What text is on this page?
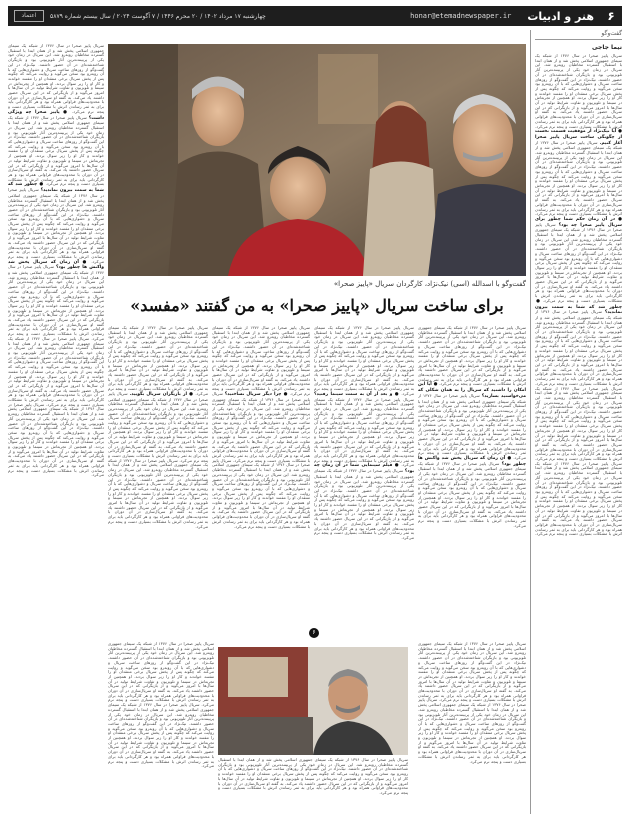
۶
هنر و ادبیات
honar@etemadnewspaper.ir
چهارشنبه ۱۷ مرداد ۱۴۰۲ / ۲۰ محرم ۱۴۴۶ / ۷ آگوست ۲۰۲۴ / سال بیستم شماره ۵۸۷۹
اعتماد
گفت‌وگو
نیما جاجی
سریال پاییز صحرا در سال ۱۳۷۶ از شبکه یک سیمای جمهوری اسلامی پخش شد و از همان ابتدا با استقبال گسترده مخاطبان روبه‌رو شد. این سریال در زمان خود یکی از پربیننده‌ترین آثار تلویزیونی بود و بازیگران شناخته‌شده‌ای در آن حضور داشتند. نیک‌نژاد در این گفت‌وگو از روزهای ساخت سریال و دشواری‌هایی که با آن روبه‌رو بود سخن می‌گوید و روایت می‌کند که چگونه پس از پخش سریال برخی منتقدان او را مفسد خواندند و کار او را زیر سوال بردند. او همچنین از تجربه‌اش در سینما و تلویزیون و تفاوت شرایط تولید در آن سال‌ها با امروز می‌گوید و از بازیگرانی که در این سریال حضور داشتند یاد می‌کند. به گفته او سریال‌سازی در آن دوران با محدودیت‌های فراوانی همراه بود و هر کارگردانی باید برای به ثمر رساندن اثرش با مشکلات بسیاری دست و پنجه نرم می‌کرد. ● آیا نیک‌نژاد از موفقیت قسمت نخست از چگونگی ساخت سریال پاییز صحرا آغاز کنیم. سریال پاییز صحرا در سال ۱۳۷۶ از شبکه یک سیمای جمهوری اسلامی پخش شد و از همان ابتدا با استقبال گسترده مخاطبان روبه‌رو شد. این سریال در زمان خود یکی از پربیننده‌ترین آثار تلویزیونی بود و بازیگران شناخته‌شده‌ای در آن حضور داشتند. نیک‌نژاد در این گفت‌وگو از روزهای ساخت سریال و دشواری‌هایی که با آن روبه‌رو بود سخن می‌گوید و روایت می‌کند که چگونه پس از پخش سریال برخی منتقدان او را مفسد خواندند و کار او را زیر سوال بردند. او همچنین از تجربه‌اش در سینما و تلویزیون و تفاوت شرایط تولید در آن سال‌ها با امروز می‌گوید و از بازیگرانی که در این سریال حضور داشتند یاد می‌کند. به گفته او سریال‌سازی در آن دوران با محدودیت‌های فراوانی همراه بود و هر کارگردانی باید برای به ثمر رساندن اثرش با مشکلات بسیاری دست و پنجه نرم می‌کرد. ● در آن زمان حکم شما چطور برای سریال پاییز صحرا چه بود؟ سریال پاییز صحرا در سال ۱۳۷۶ از شبکه یک سیمای جمهوری اسلامی پخش شد و از همان ابتدا با استقبال گسترده مخاطبان روبه‌رو شد. این سریال در زمان خود یکی از پربیننده‌ترین آثار تلویزیونی بود و بازیگران شناخته‌شده‌ای در آن حضور داشتند. نیک‌نژاد در این گفت‌وگو از روزهای ساخت سریال و دشواری‌هایی که با آن روبه‌رو بود سخن می‌گوید و روایت می‌کند که چگونه پس از پخش سریال برخی منتقدان او را مفسد خواندند و کار او را زیر سوال بردند. او همچنین از تجربه‌اش در سینما و تلویزیون و تفاوت شرایط تولید در آن سال‌ها با امروز می‌گوید و از بازیگرانی که در این سریال حضور داشتند یاد می‌کند. به گفته او سریال‌سازی در آن دوران با محدودیت‌های فراوانی همراه بود و هر کارگردانی باید برای به ثمر رساندن اثرش با مشکلات بسیاری دست و پنجه نرم می‌کرد. ● چطور شد که شما به سمت بیرون نماندید؟ سریال پاییز صحرا در سال ۱۳۷۶ از شبکه یک سیمای جمهوری اسلامی پخش شد و از همان ابتدا با استقبال گسترده مخاطبان روبه‌رو شد. این سریال در زمان خود یکی از پربیننده‌ترین آثار تلویزیونی بود و بازیگران شناخته‌شده‌ای در آن حضور داشتند. نیک‌نژاد در این گفت‌وگو از روزهای ساخت سریال و دشواری‌هایی که با آن روبه‌رو بود سخن می‌گوید و روایت می‌کند که چگونه پس از پخش سریال برخی منتقدان او را مفسد خواندند و کار او را زیر سوال بردند. او همچنین از تجربه‌اش در سینما و تلویزیون و تفاوت شرایط تولید در آن سال‌ها با امروز می‌گوید و از بازیگرانی که در این سریال حضور داشتند یاد می‌کند. به گفته او سریال‌سازی در آن دوران با محدودیت‌های فراوانی همراه بود و هر کارگردانی باید برای به ثمر رساندن اثرش با مشکلات بسیاری دست و پنجه نرم می‌کرد. سریال پاییز صحرا در سال ۱۳۷۶ از شبکه یک سیمای جمهوری اسلامی پخش شد و از همان ابتدا با استقبال گسترده مخاطبان روبه‌رو شد. این سریال در زمان خود یکی از پربیننده‌ترین آثار تلویزیونی بود و بازیگران شناخته‌شده‌ای در آن حضور داشتند. نیک‌نژاد در این گفت‌وگو از روزهای ساخت سریال و دشواری‌هایی که با آن روبه‌رو بود سخن می‌گوید و روایت می‌کند که چگونه پس از پخش سریال برخی منتقدان او را مفسد خواندند و کار او را زیر سوال بردند. او همچنین از تجربه‌اش در سینما و تلویزیون و تفاوت شرایط تولید در آن سال‌ها با امروز می‌گوید و از بازیگرانی که در این سریال حضور داشتند یاد می‌کند. به گفته او سریال‌سازی در آن دوران با محدودیت‌های فراوانی همراه بود و هر کارگردانی باید برای به ثمر رساندن اثرش با مشکلات بسیاری دست و پنجه نرم می‌کرد. سریال پاییز صحرا در سال ۱۳۷۶ از شبکه یک سیمای جمهوری اسلامی پخش شد و از همان ابتدا با استقبال گسترده مخاطبان روبه‌رو شد. این سریال در زمان خود یکی از پربیننده‌ترین آثار تلویزیونی بود و بازیگران شناخته‌شده‌ای در آن حضور داشتند. نیک‌نژاد در این گفت‌وگو از روزهای ساخت سریال و دشواری‌هایی که با آن روبه‌رو بود سخن می‌گوید و روایت می‌کند که چگونه پس از پخش سریال برخی منتقدان او را مفسد خواندند و کار او را زیر سوال بردند. او همچنین از تجربه‌اش در سینما و تلویزیون و تفاوت شرایط تولید در آن سال‌ها با امروز می‌گوید و از بازیگرانی که در این سریال حضور داشتند یاد می‌کند. به گفته او سریال‌سازی در آن دوران با محدودیت‌های فراوانی همراه بود و هر کارگردانی باید برای به ثمر رساندن اثرش با مشکلات بسیاری دست و پنجه نرم می‌کرد.
گفت‌وگو با اسدالله (اسی) نیک‌نژاد، کارگردان سریال «پاییز صحرا»
برای ساخت سریال «پاییز صحرا» به من گفتند «مفسد»
سریال پاییز صحرا در سال ۱۳۷۶ از شبکه یک سیمای جمهوری اسلامی پخش شد و از همان ابتدا با استقبال گسترده مخاطبان روبه‌رو شد. این سریال در زمان خود یکی از پربیننده‌ترین آثار تلویزیونی بود و بازیگران شناخته‌شده‌ای در آن حضور داشتند. نیک‌نژاد در این گفت‌وگو از روزهای ساخت سریال و دشواری‌هایی که با آن روبه‌رو بود سخن می‌گوید و روایت می‌کند که چگونه پس از پخش سریال برخی منتقدان او را مفسد خواندند و کار او را زیر سوال بردند. او همچنین از تجربه‌اش در سینما و تلویزیون و تفاوت شرایط تولید در آن سال‌ها با امروز می‌گوید و از بازیگرانی که در این سریال حضور داشتند یاد می‌کند. به گفته او سریال‌سازی در آن دوران با محدودیت‌های فراوانی همراه بود و هر کارگردانی باید برای به ثمر رساندن اثرش با مشکلات بسیاری دست و پنجه نرم می‌کرد. ● آیا این امکان را داشتید که سریال را به همان شکلی که می‌خواستید بسازید؟ سریال پاییز صحرا در سال ۱۳۷۶ از شبکه یک سیمای جمهوری اسلامی پخش شد و از همان ابتدا با استقبال گسترده مخاطبان روبه‌رو شد. این سریال در زمان خود یکی از پربیننده‌ترین آثار تلویزیونی بود و بازیگران شناخته‌شده‌ای در آن حضور داشتند. نیک‌نژاد در این گفت‌وگو از روزهای ساخت سریال و دشواری‌هایی که با آن روبه‌رو بود سخن می‌گوید و روایت می‌کند که چگونه پس از پخش سریال برخی منتقدان او را مفسد خواندند و کار او را زیر سوال بردند. او همچنین از تجربه‌اش در سینما و تلویزیون و تفاوت شرایط تولید در آن سال‌ها با امروز می‌گوید و از بازیگرانی که در این سریال حضور داشتند یاد می‌کند. به گفته او سریال‌سازی در آن دوران با محدودیت‌های فراوانی همراه بود و هر کارگردانی باید برای به ثمر رساندن اثرش با مشکلات بسیاری دست و پنجه نرم می‌کرد. ● آن زمان که سریال پخش شد واکنش ها چطور بود؟ سریال پاییز صحرا در سال ۱۳۷۶ از شبکه یک سیمای جمهوری اسلامی پخش شد و از همان ابتدا با استقبال گسترده مخاطبان روبه‌رو شد. این سریال در زمان خود یکی از پربیننده‌ترین آثار تلویزیونی بود و بازیگران شناخته‌شده‌ای در آن حضور داشتند. نیک‌نژاد در این گفت‌وگو از روزهای ساخت سریال و دشواری‌هایی که با آن روبه‌رو بود سخن می‌گوید و روایت می‌کند که چگونه پس از پخش سریال برخی منتقدان او را مفسد خواندند و کار او را زیر سوال بردند. او همچنین از تجربه‌اش در سینما و تلویزیون و تفاوت شرایط تولید در آن سال‌ها با امروز می‌گوید و از بازیگرانی که در این سریال حضور داشتند یاد می‌کند. به گفته او سریال‌سازی در آن دوران با محدودیت‌های فراوانی همراه بود و هر کارگردانی باید برای به ثمر رساندن اثرش با مشکلات بسیاری دست و پنجه نرم می‌کرد.
سریال پاییز صحرا در سال ۱۳۷۶ از شبکه یک سیمای جمهوری اسلامی پخش شد و از همان ابتدا با استقبال گسترده مخاطبان روبه‌رو شد. این سریال در زمان خود یکی از پربیننده‌ترین آثار تلویزیونی بود و بازیگران شناخته‌شده‌ای در آن حضور داشتند. نیک‌نژاد در این گفت‌وگو از روزهای ساخت سریال و دشواری‌هایی که با آن روبه‌رو بود سخن می‌گوید و روایت می‌کند که چگونه پس از پخش سریال برخی منتقدان او را مفسد خواندند و کار او را زیر سوال بردند. او همچنین از تجربه‌اش در سینما و تلویزیون و تفاوت شرایط تولید در آن سال‌ها با امروز می‌گوید و از بازیگرانی که در این سریال حضور داشتند یاد می‌کند. به گفته او سریال‌سازی در آن دوران با محدودیت‌های فراوانی همراه بود و هر کارگردانی باید برای به ثمر رساندن اثرش با مشکلات بسیاری دست و پنجه نرم می‌کرد. ● و بعد از آن به سمت سینما رفتید؟ سریال پاییز صحرا در سال ۱۳۷۶ از شبکه یک سیمای جمهوری اسلامی پخش شد و از همان ابتدا با استقبال گسترده مخاطبان روبه‌رو شد. این سریال در زمان خود یکی از پربیننده‌ترین آثار تلویزیونی بود و بازیگران شناخته‌شده‌ای در آن حضور داشتند. نیک‌نژاد در این گفت‌وگو از روزهای ساخت سریال و دشواری‌هایی که با آن روبه‌رو بود سخن می‌گوید و روایت می‌کند که چگونه پس از پخش سریال برخی منتقدان او را مفسد خواندند و کار او را زیر سوال بردند. او همچنین از تجربه‌اش در سینما و تلویزیون و تفاوت شرایط تولید در آن سال‌ها با امروز می‌گوید و از بازیگرانی که در این سریال حضور داشتند یاد می‌کند. به گفته او سریال‌سازی در آن دوران با محدودیت‌های فراوانی همراه بود و هر کارگردانی باید برای به ثمر رساندن اثرش با مشکلات بسیاری دست و پنجه نرم می‌کرد. ● فیلم سینمایی شما در آن زمان چه بود؟ سریال پاییز صحرا در سال ۱۳۷۶ از شبکه یک سیمای جمهوری اسلامی پخش شد و از همان ابتدا با استقبال گسترده مخاطبان روبه‌رو شد. این سریال در زمان خود یکی از پربیننده‌ترین آثار تلویزیونی بود و بازیگران شناخته‌شده‌ای در آن حضور داشتند. نیک‌نژاد در این گفت‌وگو از روزهای ساخت سریال و دشواری‌هایی که با آن روبه‌رو بود سخن می‌گوید و روایت می‌کند که چگونه پس از پخش سریال برخی منتقدان او را مفسد خواندند و کار او را زیر سوال بردند. او همچنین از تجربه‌اش در سینما و تلویزیون و تفاوت شرایط تولید در آن سال‌ها با امروز می‌گوید و از بازیگرانی که در این سریال حضور داشتند یاد می‌کند. به گفته او سریال‌سازی در آن دوران با محدودیت‌های فراوانی همراه بود و هر کارگردانی باید برای به ثمر رساندن اثرش با مشکلات بسیاری دست و پنجه نرم می‌کرد.
سریال پاییز صحرا در سال ۱۳۷۶ از شبکه یک سیمای جمهوری اسلامی پخش شد و از همان ابتدا با استقبال گسترده مخاطبان روبه‌رو شد. این سریال در زمان خود یکی از پربیننده‌ترین آثار تلویزیونی بود و بازیگران شناخته‌شده‌ای در آن حضور داشتند. نیک‌نژاد در این گفت‌وگو از روزهای ساخت سریال و دشواری‌هایی که با آن روبه‌رو بود سخن می‌گوید و روایت می‌کند که چگونه پس از پخش سریال برخی منتقدان او را مفسد خواندند و کار او را زیر سوال بردند. او همچنین از تجربه‌اش در سینما و تلویزیون و تفاوت شرایط تولید در آن سال‌ها با امروز می‌گوید و از بازیگرانی که در این سریال حضور داشتند یاد می‌کند. به گفته او سریال‌سازی در آن دوران با محدودیت‌های فراوانی همراه بود و هر کارگردانی باید برای به ثمر رساندن اثرش با مشکلات بسیاری دست و پنجه نرم می‌کرد. ● چرا دیگر سریال نساختید؟ سریال پاییز صحرا در سال ۱۳۷۶ از شبکه یک سیمای جمهوری اسلامی پخش شد و از همان ابتدا با استقبال گسترده مخاطبان روبه‌رو شد. این سریال در زمان خود یکی از پربیننده‌ترین آثار تلویزیونی بود و بازیگران شناخته‌شده‌ای در آن حضور داشتند. نیک‌نژاد در این گفت‌وگو از روزهای ساخت سریال و دشواری‌هایی که با آن روبه‌رو بود سخن می‌گوید و روایت می‌کند که چگونه پس از پخش سریال برخی منتقدان او را مفسد خواندند و کار او را زیر سوال بردند. او همچنین از تجربه‌اش در سینما و تلویزیون و تفاوت شرایط تولید در آن سال‌ها با امروز می‌گوید و از بازیگرانی که در این سریال حضور داشتند یاد می‌کند. به گفته او سریال‌سازی در آن دوران با محدودیت‌های فراوانی همراه بود و هر کارگردانی باید برای به ثمر رساندن اثرش با مشکلات بسیاری دست و پنجه نرم می‌کرد. سریال پاییز صحرا در سال ۱۳۷۶ از شبکه یک سیمای جمهوری اسلامی پخش شد و از همان ابتدا با استقبال گسترده مخاطبان روبه‌رو شد. این سریال در زمان خود یکی از پربیننده‌ترین آثار تلویزیونی بود و بازیگران شناخته‌شده‌ای در آن حضور داشتند. نیک‌نژاد در این گفت‌وگو از روزهای ساخت سریال و دشواری‌هایی که با آن روبه‌رو بود سخن می‌گوید و روایت می‌کند که چگونه پس از پخش سریال برخی منتقدان او را مفسد خواندند و کار او را زیر سوال بردند. او همچنین از تجربه‌اش در سینما و تلویزیون و تفاوت شرایط تولید در آن سال‌ها با امروز می‌گوید و از بازیگرانی که در این سریال حضور داشتند یاد می‌کند. به گفته او سریال‌سازی در آن دوران با محدودیت‌های فراوانی همراه بود و هر کارگردانی باید برای به ثمر رساندن اثرش با مشکلات بسیاری دست و پنجه نرم می‌کرد.
سریال پاییز صحرا در سال ۱۳۷۶ از شبکه یک سیمای جمهوری اسلامی پخش شد و از همان ابتدا با استقبال گسترده مخاطبان روبه‌رو شد. این سریال در زمان خود یکی از پربیننده‌ترین آثار تلویزیونی بود و بازیگران شناخته‌شده‌ای در آن حضور داشتند. نیک‌نژاد در این گفت‌وگو از روزهای ساخت سریال و دشواری‌هایی که با آن روبه‌رو بود سخن می‌گوید و روایت می‌کند که چگونه پس از پخش سریال برخی منتقدان او را مفسد خواندند و کار او را زیر سوال بردند. او همچنین از تجربه‌اش در سینما و تلویزیون و تفاوت شرایط تولید در آن سال‌ها با امروز می‌گوید و از بازیگرانی که در این سریال حضور داشتند یاد می‌کند. به گفته او سریال‌سازی در آن دوران با محدودیت‌های فراوانی همراه بود و هر کارگردانی باید برای به ثمر رساندن اثرش با مشکلات بسیاری دست و پنجه نرم می‌کرد. ● از بازیگران سریال بگویید. سریال پاییز صحرا در سال ۱۳۷۶ از شبکه یک سیمای جمهوری اسلامی پخش شد و از همان ابتدا با استقبال گسترده مخاطبان روبه‌رو شد. این سریال در زمان خود یکی از پربیننده‌ترین آثار تلویزیونی بود و بازیگران شناخته‌شده‌ای در آن حضور داشتند. نیک‌نژاد در این گفت‌وگو از روزهای ساخت سریال و دشواری‌هایی که با آن روبه‌رو بود سخن می‌گوید و روایت می‌کند که چگونه پس از پخش سریال برخی منتقدان او را مفسد خواندند و کار او را زیر سوال بردند. او همچنین از تجربه‌اش در سینما و تلویزیون و تفاوت شرایط تولید در آن سال‌ها با امروز می‌گوید و از بازیگرانی که در این سریال حضور داشتند یاد می‌کند. به گفته او سریال‌سازی در آن دوران با محدودیت‌های فراوانی همراه بود و هر کارگردانی باید برای به ثمر رساندن اثرش با مشکلات بسیاری دست و پنجه نرم می‌کرد. سریال پاییز صحرا در سال ۱۳۷۶ از شبکه یک سیمای جمهوری اسلامی پخش شد و از همان ابتدا با استقبال گسترده مخاطبان روبه‌رو شد. این سریال در زمان خود یکی از پربیننده‌ترین آثار تلویزیونی بود و بازیگران شناخته‌شده‌ای در آن حضور داشتند. نیک‌نژاد در این گفت‌وگو از روزهای ساخت سریال و دشواری‌هایی که با آن روبه‌رو بود سخن می‌گوید و روایت می‌کند که چگونه پس از پخش سریال برخی منتقدان او را مفسد خواندند و کار او را زیر سوال بردند. او همچنین از تجربه‌اش در سینما و تلویزیون و تفاوت شرایط تولید در آن سال‌ها با امروز می‌گوید و از بازیگرانی که در این سریال حضور داشتند یاد می‌کند. به گفته او سریال‌سازی در آن دوران با محدودیت‌های فراوانی همراه بود و هر کارگردانی باید برای به ثمر رساندن اثرش با مشکلات بسیاری دست و پنجه نرم می‌کرد.
سریال پاییز صحرا در سال ۱۳۷۶ از شبکه یک سیمای جمهوری اسلامی پخش شد و از همان ابتدا با استقبال گسترده مخاطبان روبه‌رو شد. این سریال در زمان خود یکی از پربیننده‌ترین آثار تلویزیونی بود و بازیگران شناخته‌شده‌ای در آن حضور داشتند. نیک‌نژاد در این گفت‌وگو از روزهای ساخت سریال و دشواری‌هایی که با آن روبه‌رو بود سخن می‌گوید و روایت می‌کند که چگونه پس از پخش سریال برخی منتقدان او را مفسد خواندند و کار او را زیر سوال بردند. او همچنین از تجربه‌اش در سینما و تلویزیون و تفاوت شرایط تولید در آن سال‌ها با امروز می‌گوید و از بازیگرانی که در این سریال حضور داشتند یاد می‌کند. به گفته او سریال‌سازی در آن دوران با محدودیت‌های فراوانی همراه بود و هر کارگردانی باید برای به ثمر رساندن اثرش با مشکلات بسیاری دست و پنجه نرم می‌کرد. ● پاییز صحرا چه ویژگی داشت؟ سریال پاییز صحرا در سال ۱۳۷۶ از شبکه یک سیمای جمهوری اسلامی پخش شد و از همان ابتدا با استقبال گسترده مخاطبان روبه‌رو شد. این سریال در زمان خود یکی از پربیننده‌ترین آثار تلویزیونی بود و بازیگران شناخته‌شده‌ای در آن حضور داشتند. نیک‌نژاد در این گفت‌وگو از روزهای ساخت سریال و دشواری‌هایی که با آن روبه‌رو بود سخن می‌گوید و روایت می‌کند که چگونه پس از پخش سریال برخی منتقدان او را مفسد خواندند و کار او را زیر سوال بردند. او همچنین از تجربه‌اش در سینما و تلویزیون و تفاوت شرایط تولید در آن سال‌ها با امروز می‌گوید و از بازیگرانی که در این سریال حضور داشتند یاد می‌کند. به گفته او سریال‌سازی در آن دوران با محدودیت‌های فراوانی همراه بود و هر کارگردانی باید برای به ثمر رساندن اثرش با مشکلات بسیاری دست و پنجه نرم می‌کرد. ● چطور شد که شما به سمت بیرون نماندید؟ سریال پاییز صحرا در سال ۱۳۷۶ از شبکه یک سیمای جمهوری اسلامی پخش شد و از همان ابتدا با استقبال گسترده مخاطبان روبه‌رو شد. این سریال در زمان خود یکی از پربیننده‌ترین آثار تلویزیونی بود و بازیگران شناخته‌شده‌ای در آن حضور داشتند. نیک‌نژاد در این گفت‌وگو از روزهای ساخت سریال و دشواری‌هایی که با آن روبه‌رو بود سخن می‌گوید و روایت می‌کند که چگونه پس از پخش سریال برخی منتقدان او را مفسد خواندند و کار او را زیر سوال بردند. او همچنین از تجربه‌اش در سینما و تلویزیون و تفاوت شرایط تولید در آن سال‌ها با امروز می‌گوید و از بازیگرانی که در این سریال حضور داشتند یاد می‌کند. به گفته او سریال‌سازی در آن دوران با محدودیت‌های فراوانی همراه بود و هر کارگردانی باید برای به ثمر رساندن اثرش با مشکلات بسیاری دست و پنجه نرم می‌کرد. ● آن زمان که سریال پخش شد واکنش ها چطور بود؟ سریال پاییز صحرا در سال ۱۳۷۶ از شبکه یک سیمای جمهوری اسلامی پخش شد و از همان ابتدا با استقبال گسترده مخاطبان روبه‌رو شد. این سریال در زمان خود یکی از پربیننده‌ترین آثار تلویزیونی بود و بازیگران شناخته‌شده‌ای در آن حضور داشتند. نیک‌نژاد در این گفت‌وگو از روزهای ساخت سریال و دشواری‌هایی که با آن روبه‌رو بود سخن می‌گوید و روایت می‌کند که چگونه پس از پخش سریال برخی منتقدان او را مفسد خواندند و کار او را زیر سوال بردند. او همچنین از تجربه‌اش در سینما و تلویزیون و تفاوت شرایط تولید در آن سال‌ها با امروز می‌گوید و از بازیگرانی که در این سریال حضور داشتند یاد می‌کند. به گفته او سریال‌سازی در آن دوران با محدودیت‌های فراوانی همراه بود و هر کارگردانی باید برای به ثمر رساندن اثرش با مشکلات بسیاری دست و پنجه نرم می‌کرد. سریال پاییز صحرا در سال ۱۳۷۶ از شبکه یک سیمای جمهوری اسلامی پخش شد و از همان ابتدا با استقبال گسترده مخاطبان روبه‌رو شد. این سریال در زمان خود یکی از پربیننده‌ترین آثار تلویزیونی بود و بازیگران شناخته‌شده‌ای در آن حضور داشتند. نیک‌نژاد در این گفت‌وگو از روزهای ساخت سریال و دشواری‌هایی که با آن روبه‌رو بود سخن می‌گوید و روایت می‌کند که چگونه پس از پخش سریال برخی منتقدان او را مفسد خواندند و کار او را زیر سوال بردند. او همچنین از تجربه‌اش در سینما و تلویزیون و تفاوت شرایط تولید در آن سال‌ها با امروز می‌گوید و از بازیگرانی که در این سریال حضور داشتند یاد می‌کند. به گفته او سریال‌سازی در آن دوران با محدودیت‌های فراوانی همراه بود و هر کارگردانی باید برای به ثمر رساندن اثرش با مشکلات بسیاری دست و پنجه نرم می‌کرد. سریال پاییز صحرا در سال ۱۳۷۶ از شبکه یک سیمای جمهوری اسلامی پخش شد و از همان ابتدا با استقبال گسترده مخاطبان روبه‌رو شد. این سریال در زمان خود یکی از پربیننده‌ترین آثار تلویزیونی بود و بازیگران شناخته‌شده‌ای در آن حضور داشتند. نیک‌نژاد در این گفت‌وگو از روزهای ساخت سریال و دشواری‌هایی که با آن روبه‌رو بود سخن می‌گوید و روایت می‌کند که چگونه پس از پخش سریال برخی منتقدان او را مفسد خواندند و کار او را زیر سوال بردند. او همچنین از تجربه‌اش در سینما و تلویزیون و تفاوت شرایط تولید در آن سال‌ها با امروز می‌گوید و از بازیگرانی که در این سریال حضور داشتند یاد می‌کند. به گفته او سریال‌سازی در آن دوران با محدودیت‌های فراوانی همراه بود و هر کارگردانی باید برای به ثمر رساندن اثرش با مشکلات بسیاری دست و پنجه نرم می‌کرد.
۶
سریال پاییز صحرا در سال ۱۳۷۶ از شبکه یک سیمای جمهوری اسلامی پخش شد و از همان ابتدا با استقبال گسترده مخاطبان روبه‌رو شد. این سریال در زمان خود یکی از پربیننده‌ترین آثار تلویزیونی بود و بازیگران شناخته‌شده‌ای در آن حضور داشتند. نیک‌نژاد در این گفت‌وگو از روزهای ساخت سریال و دشواری‌هایی که با آن روبه‌رو بود سخن می‌گوید و روایت می‌کند که چگونه پس از پخش سریال برخی منتقدان او را مفسد خواندند و کار او را زیر سوال بردند. او همچنین از تجربه‌اش در سینما و تلویزیون و تفاوت شرایط تولید در آن سال‌ها با امروز می‌گوید و از بازیگرانی که در این سریال حضور داشتند یاد می‌کند. به گفته او سریال‌سازی در آن دوران با محدودیت‌های فراوانی همراه بود و هر کارگردانی باید برای به ثمر رساندن اثرش با مشکلات بسیاری دست و پنجه نرم می‌کرد. سریال پاییز صحرا در سال ۱۳۷۶ از شبکه یک سیمای جمهوری اسلامی پخش شد و از همان ابتدا با استقبال گسترده مخاطبان روبه‌رو شد. این سریال در زمان خود یکی از پربیننده‌ترین آثار تلویزیونی بود و بازیگران شناخته‌شده‌ای در آن حضور داشتند. نیک‌نژاد در این گفت‌وگو از روزهای ساخت سریال و دشواری‌هایی که با آن روبه‌رو بود سخن می‌گوید و روایت می‌کند که چگونه پس از پخش سریال برخی منتقدان او را مفسد خواندند و کار او را زیر سوال بردند. او همچنین از تجربه‌اش در سینما و تلویزیون و تفاوت شرایط تولید در آن سال‌ها با امروز می‌گوید و از بازیگرانی که در این سریال حضور داشتند یاد می‌کند. به گفته او سریال‌سازی در آن دوران با محدودیت‌های فراوانی همراه بود و هر کارگردانی باید برای به ثمر رساندن اثرش با مشکلات بسیاری دست و پنجه نرم می‌کرد.
سریال پاییز صحرا در سال ۱۳۷۶ از شبکه یک سیمای جمهوری اسلامی پخش شد و از همان ابتدا با استقبال گسترده مخاطبان روبه‌رو شد. این سریال در زمان خود یکی از پربیننده‌ترین آثار تلویزیونی بود و بازیگران شناخته‌شده‌ای در آن حضور داشتند. نیک‌نژاد در این گفت‌وگو از روزهای ساخت سریال و دشواری‌هایی که با آن روبه‌رو بود سخن می‌گوید و روایت می‌کند که چگونه پس از پخش سریال برخی منتقدان او را مفسد خواندند و کار او را زیر سوال بردند. او همچنین از تجربه‌اش در سینما و تلویزیون و تفاوت شرایط تولید در آن سال‌ها با امروز می‌گوید و از بازیگرانی که در این سریال حضور داشتند یاد می‌کند. به گفته او سریال‌سازی در آن دوران با محدودیت‌های فراوانی همراه بود و هر کارگردانی باید برای به ثمر رساندن اثرش با مشکلات بسیاری دست و پنجه نرم می‌کرد.
سریال پاییز صحرا در سال ۱۳۷۶ از شبکه یک سیمای جمهوری اسلامی پخش شد و از همان ابتدا با استقبال گسترده مخاطبان روبه‌رو شد. این سریال در زمان خود یکی از پربیننده‌ترین آثار تلویزیونی بود و بازیگران شناخته‌شده‌ای در آن حضور داشتند. نیک‌نژاد در این گفت‌وگو از روزهای ساخت سریال و دشواری‌هایی که با آن روبه‌رو بود سخن می‌گوید و روایت می‌کند که چگونه پس از پخش سریال برخی منتقدان او را مفسد خواندند و کار او را زیر سوال بردند. او همچنین از تجربه‌اش در سینما و تلویزیون و تفاوت شرایط تولید در آن سال‌ها با امروز می‌گوید و از بازیگرانی که در این سریال حضور داشتند یاد می‌کند. به گفته او سریال‌سازی در آن دوران با محدودیت‌های فراوانی همراه بود و هر کارگردانی باید برای به ثمر رساندن اثرش با مشکلات بسیاری دست و پنجه نرم می‌کرد. سریال پاییز صحرا در سال ۱۳۷۶ از شبکه یک سیمای جمهوری اسلامی پخش شد و از همان ابتدا با استقبال گسترده مخاطبان روبه‌رو شد. این سریال در زمان خود یکی از پربیننده‌ترین آثار تلویزیونی بود و بازیگران شناخته‌شده‌ای در آن حضور داشتند. نیک‌نژاد در این گفت‌وگو از روزهای ساخت سریال و دشواری‌هایی که با آن روبه‌رو بود سخن می‌گوید و روایت می‌کند که چگونه پس از پخش سریال برخی منتقدان او را مفسد خواندند و کار او را زیر سوال بردند. او همچنین از تجربه‌اش در سینما و تلویزیون و تفاوت شرایط تولید در آن سال‌ها با امروز می‌گوید و از بازیگرانی که در این سریال حضور داشتند یاد می‌کند. به گفته او سریال‌سازی در آن دوران با محدودیت‌های فراوانی همراه بود و هر کارگردانی باید برای به ثمر رساندن اثرش با مشکلات بسیاری دست و پنجه نرم می‌کرد.
